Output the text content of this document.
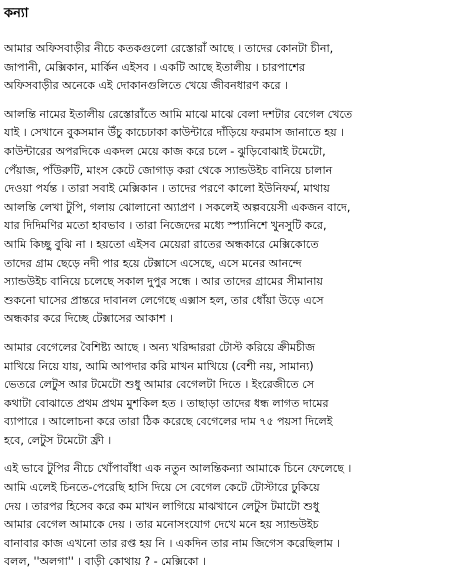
কন্যা
আমার অফিসবাড়ীর নীচে কতকগুলো রেস্তোরাঁ আছে । তাদের কোনটা চীনা,
জাপানী, মেক্সিকান, মার্কিন এইসব । একটি আছে ইতালীয় । চারপাশের
অফিসবাড়ীর অনেকে এই দোকানগুলিতে খেয়ে জীবনধারণ করে ।
আলন্তি নামের ইতালীয় রেস্তোরাঁতে আমি মাঝে মাঝে বেলা দশটার বেগেল খেতে
যাই । সেখানে বুকসমান উঁচু কাচেঢাকা কাউন্টারে দাঁড়িয়ে ফরমাস জানাতে হয় ।
কাউন্টারের অপরদিকে একদল মেয়ে কাজ করে চলে - ঝুড়িবোঝাই টমেটো,
পেঁয়াজ, পাঁউরুটি, মাংস কেটে জোগাড় করা থেকে স্যান্ডউইচ বানিয়ে চালান
দেওয়া পর্যন্ত । তারা সবাই মেক্সিকান । তাদের পরণে কালো ইউনিফর্ম, মাথায়
আলন্তি লেখা টুপি, গলায় ঝোলানো অ্যাপ্রণ । সকলেই অল্পবয়েসী একজন বাদে,
যার দিদিমণির মতো হাবভাব । তারা নিজেদের মধ্যে স্প্যানিশে খুনসুটি করে,
আমি কিচ্ছু বুঝি না । হয়তো এইসব মেয়েরা রাতের অন্ধকারে মেক্সিকোতে
তাদের গ্রাম ছেড়ে নদী পার হয়ে টেক্সাসে এসেছে, এসে মনের আনন্দে
স্যান্ডউইচ বানিয়ে চলেছে সকাল দুপুর সন্ধে । আর তাদের গ্রামের সীমানায়
শুকনো ঘাসের প্রান্তরে দাবানল লেগেছে এক্সাস হল, তার ধোঁয়া উড়ে এসে
অন্ধকার করে দিচ্ছে টেক্সাসের আকাশ ।
আমার বেগেলের বৈশিষ্ট্য আছে । অন্য খরিদ্দাররা টোস্ট করিয়ে ক্রীমচীজ
মাখিয়ে নিয়ে যায়, আমি আপদার করি মাখন মাখিয়ে (বেশী নয়, সামান্য)
ভেতরে লেটুস আর টমেটো শুধু আমার বেগেলটা দিতে । ইংরেজীতে সে
কথাটা বোঝাতে প্রথম প্রথম মুশকিল হত । তাছাড়া তাদের ধন্ধ লাগত দামের
ব্যাপারে । আলোচনা করে তারা ঠিক করেছে বেগেলের দাম ৭৫ পয়সা দিলেই
হবে, লেটুস টমেটো ফ্রী ।
এই ভাবে টুপির নীচে খোঁপাবাঁধা এক নতুন আলন্তিকন্যা আমাকে চিনে ফেলেছে ।
আমি এলেই চিনতে-পেরেছি হাসি দিয়ে সে বেগেল কেটে টোস্টারে ঢুকিয়ে
দেয় । তারপর হিসেব করে কম মাখন লাগিয়ে মাঝখানে লেটুস টমাটো শুধু
আমার বেগেল আমাকে দেয় । তার মনোসংযোগ দেখে মনে হয় স্যান্ডউইচ
বানাবার কাজ এখনো তার রপ্ত হয় নি । একদিন তার নাম জিগেস করেছিলাম ।
বলল, ''অলগা'' । বাড়ী কোথায় ? - মেক্সিকো ।
